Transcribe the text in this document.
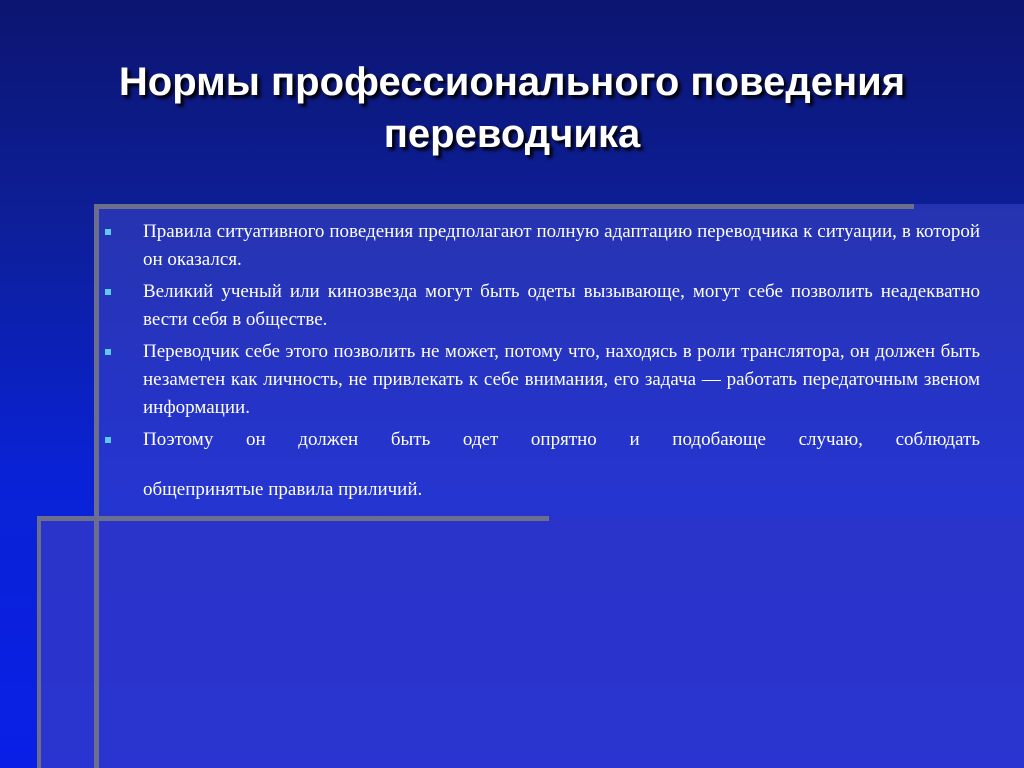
Нормы профессионального поведения
переводчика
Правила ситуативного поведения предполагают полную адаптацию переводчика к ситуации, в которой он оказался.
Великий ученый или кинозвезда могут быть одеты вызывающе, могут себе позволить неадекватно вести себя в обществе.
Переводчик себе этого позволить не может, потому что, находясь в роли транслятора, он должен быть незаметен как личность, не привлекать к себе внимания, его задача — работать передаточным звеном информации.
Поэтому он должен быть одет опрятно и подобающе случаю, соблюдать
общепринятые правила приличий.
